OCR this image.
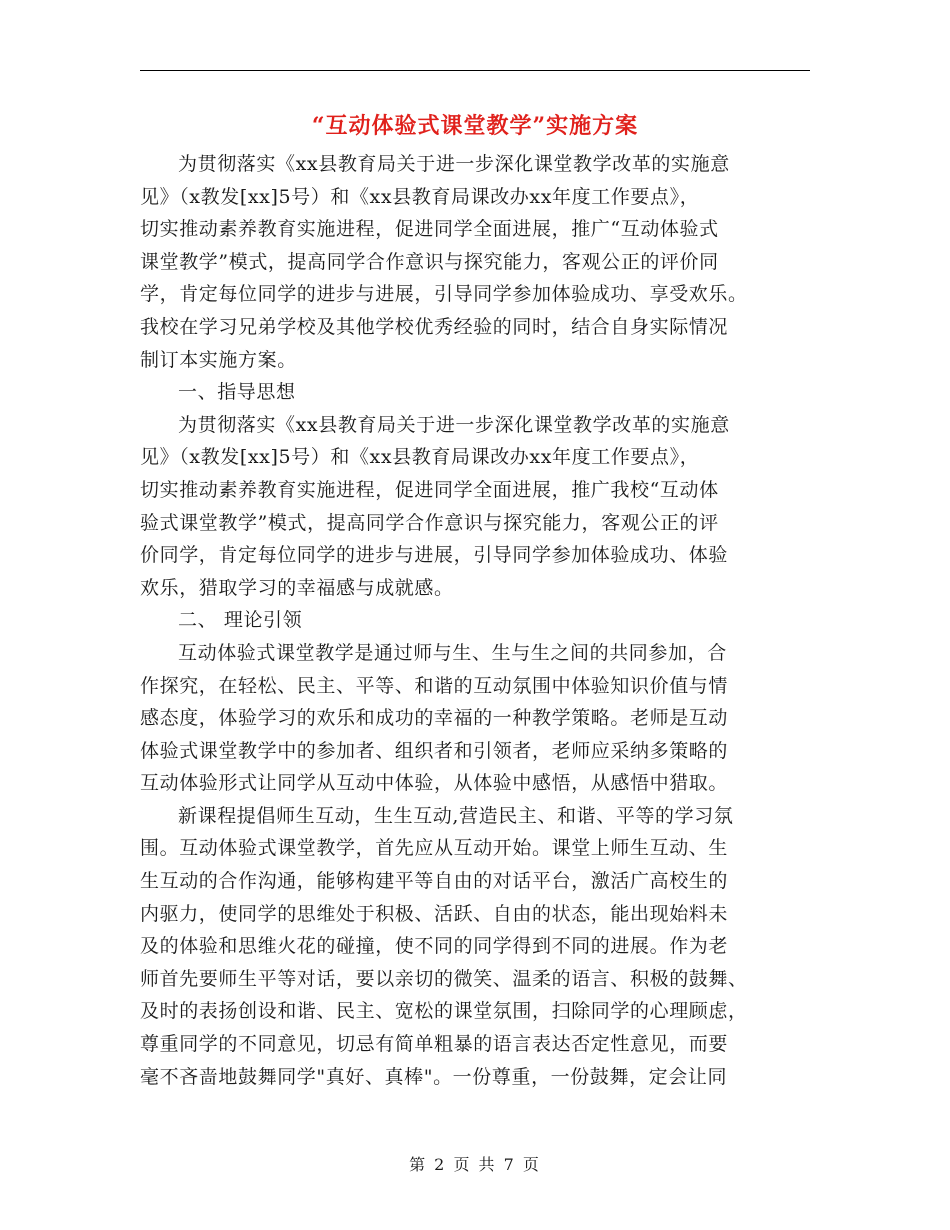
“互动体验式课堂教学”实施方案

为贯彻落实《xx县教育局关于进一步深化课堂教学改革的实施意
见》（x教发[xx]5号）和《xx县教育局课改办xx年度工作要点》，
切实推动素养教育实施进程，促进同学全面进展，推广“互动体验式
课堂教学”模式，提高同学合作意识与探究能力，客观公正的评价同
学，肯定每位同学的进步与进展，引导同学参加体验成功、享受欢乐。
我校在学习兄弟学校及其他学校优秀经验的同时，结合自身实际情况
制订本实施方案。

一、指导思想

为贯彻落实《xx县教育局关于进一步深化课堂教学改革的实施意
见》（x教发[xx]5号）和《xx县教育局课改办xx年度工作要点》，
切实推动素养教育实施进程，促进同学全面进展，推广我校“互动体
验式课堂教学”模式，提高同学合作意识与探究能力，客观公正的评
价同学，肯定每位同学的进步与进展，引导同学参加体验成功、体验
欢乐，猎取学习的幸福感与成就感。

二、 理论引领

互动体验式课堂教学是通过师与生、生与生之间的共同参加，合
作探究，在轻松、民主、平等、和谐的互动氛围中体验知识价值与情
感态度，体验学习的欢乐和成功的幸福的一种教学策略。老师是互动
体验式课堂教学中的参加者、组织者和引领者，老师应采纳多策略的
互动体验形式让同学从互动中体验，从体验中感悟，从感悟中猎取。

新课程提倡师生互动，生生互动,营造民主、和谐、平等的学习氛
围。互动体验式课堂教学，首先应从互动开始。课堂上师生互动、生
生互动的合作沟通，能够构建平等自由的对话平台，激活广高校生的
内驱力，使同学的思维处于积极、活跃、自由的状态，能出现始料未
及的体验和思维火花的碰撞，使不同的同学得到不同的进展。作为老
师首先要师生平等对话，要以亲切的微笑、温柔的语言、积极的鼓舞、
及时的表扬创设和谐、民主、宽松的课堂氛围，扫除同学的心理顾虑，
尊重同学的不同意见，切忌有简单粗暴的语言表达否定性意见，而要
毫不吝啬地鼓舞同学"真好、真棒"。一份尊重，一份鼓舞，定会让同

第 2 页 共 7 页
